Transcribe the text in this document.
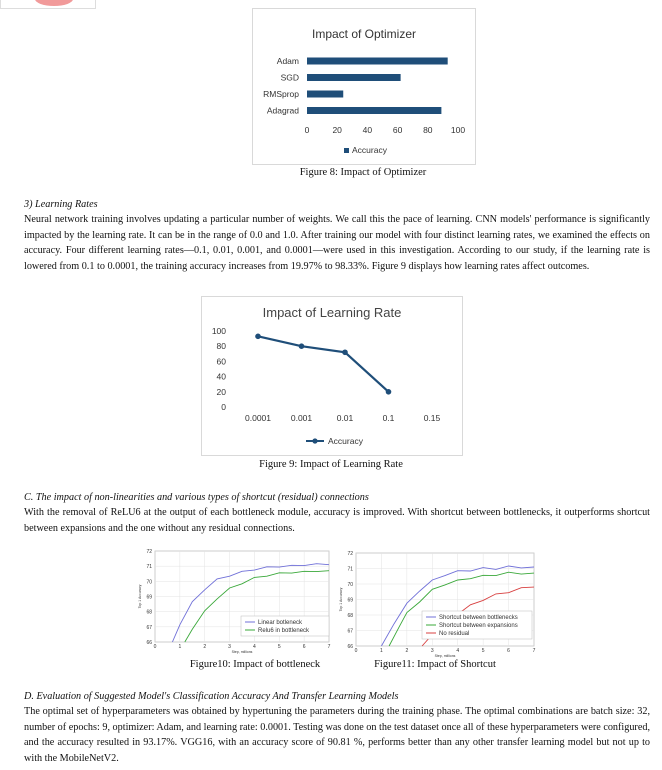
Impact of Optimizer
Adam
SGD
RMSprop
Adagrad
0	20 40 60 80 100
Accuracy
Figure 8: Impact of Optimizer
3) Learning Rates
Neural network training involves updating a particular number of weights. We call this the pace of learning. CNN models' performance is significantly impacted by the learning rate. It can be in the range of 0.0 and 1.0. After training our model with four distinct learning rates, we examined the effects on accuracy. Four different learning rates—0.1, 0.01, 0.001, and 0.0001—were used in this investigation. According to our study, if the learning rate is lowered from 0.1 to 0.0001, the training accuracy increases from 19.97% to 98.33%. Figure 9 displays how learning rates affect outcomes.
Impact of Learning Rate
0
20
40
60
80
100
0.0001 0.001	0.01	0.1	0.15
Accuracy
Figure 9: Impact of Learning Rate
C. The impact of non-linearities and various types of shortcut (residual) connections
With the removal of ReLU6 at the output of each bottleneck module, accuracy is improved. With shortcut between bottlenecks, it outperforms shortcut between expansions and the one without any residual connections.
66
67
68
69
70
71
72
0	1	2	3	4	5	6	7
Step, millions
Top 1 Accuracy
Linear botleneck
Relu6 in bottleneck
66
67
68
69
70
71
72
0	1	2	3	4	5	6	7
Step, millions
Top 1 Accuracy
Shortcut between bottlenecks
Shortcut between expansions
No residual
Figure10: Impact of bottleneck	Figure11: Impact of Shortcut
D. Evaluation of Suggested Model's Classification Accuracy And Transfer Learning Models
The optimal set of hyperparameters was obtained by hypertuning the parameters during the training phase. The optimal combinations are batch size: 32, number of epochs: 9, optimizer: Adam, and learning rate: 0.0001. Testing was done on the test dataset once all of these hyperparameters were configured, and the accuracy resulted in 93.17%. VGG16, with an accuracy score of 90.81 %, performs better than any other transfer learning model but not up to with the MobileNetV2.
